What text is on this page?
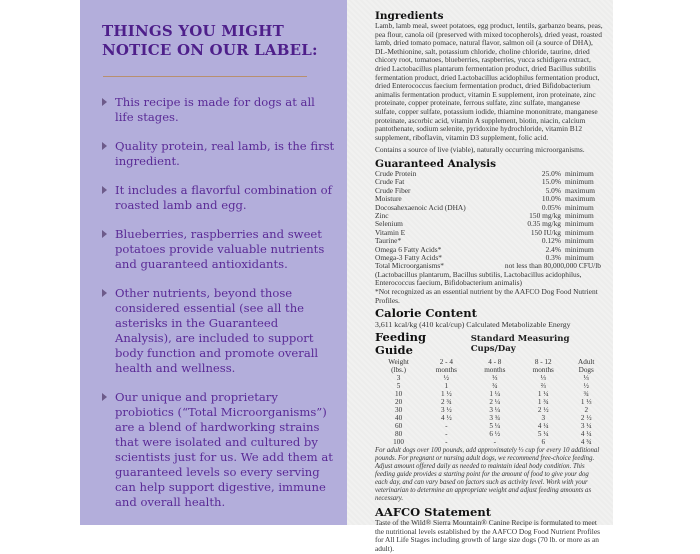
THINGS YOU MIGHT
NOTICE ON OUR LABEL:
This recipe is made for dogs at all life stages.
Quality protein, real lamb, is the first ingredient.
It includes a flavorful combination of roasted lamb and egg.
Blueberries, raspberries and sweet potatoes provide valuable nutrients and guaranteed antioxidants.
Other nutrients, beyond those considered essential (see all the asterisks in the Guaranteed Analysis), are included to support body function and promote overall health and wellness.
Our unique and proprietary probiotics (“Total Microorganisms”) are a blend of hardworking strains that were isolated and cultured by scientists just for us. We add them at guaranteed levels so every serving can help support digestive, immune and overall health.
Ingredients

Lamb, lamb meal, sweet potatoes, egg product, lentils, garbanzo beans, peas, pea flour, canola oil (preserved with mixed tocopherols), dried yeast, roasted lamb, dried tomato pomace, natural flavor, salmon oil (a source of DHA), DL-Methionine, salt, potassium chloride, choline chloride, taurine, dried chicory root, tomatoes, blueberries, raspberries, yucca schidigera extract, dried Lactobacillus plantarum fermentation product, dried Bacillus subtilis fermentation product, dried Lactobacillus acidophilus fermentation product, dried Enterococcus faecium fermentation product, dried Bifidobacterium animalis fermentation product, vitamin E supplement, iron proteinate, zinc proteinate, copper proteinate, ferrous sulfate, zinc sulfate, manganese sulfate, copper sulfate, potassium iodide, thiamine mononitrate, manganese proteinate, ascorbic acid, vitamin A supplement, biotin, niacin, calcium pantothenate, sodium selenite, pyridoxine hydrochloride, vitamin B12 supplement, riboflavin, vitamin D3 supplement, folic acid.

Contains a source of live (viable), naturally occurring microorganisms.

Guaranteed Analysis
Crude Protein	25.0%	minimum
Crude Fat	15.0%	minimum
Crude Fiber	5.0%	maximum
Moisture	10.0%	maximum
Docosahexaenoic Acid (DHA)	0.05%	minimum
Zinc	150 mg/kg	minimum
Selenium	0.35 mg/kg	minimum
Vitamin E	150 IU/kg	minimum
Taurine*	0.12%	minimum
Omega 6 Fatty Acids*	2.4%	minimum
Omega-3 Fatty Acids*	0.3%	minimum
Total Microorganisms*	not less than 80,000,000 CFU/lb	

(Lactobacillus plantarum, Bacillus subtilis, Lactobacillus acidophilus, Enterococcus faecium, Bifidobacterium animalis)

*Not recognized as an essential nutrient by the AAFCO Dog Food Nutrient Profiles.

Calorie Content

3,611 kcal/kg (410 kcal/cup) Calculated Metabolizable Energy

Feeding Guide
Standard Measuring Cups/Day
Weight	2 - 4	4 - 8	8 - 12	Adult
(lbs.)	months	months	months	Dogs
3	½	⅓	⅓	⅓
5	1	¾	⅔	½
10	1 ½	1 ¼	1 ¼	¾
20	2 ¾	2 ¼	1 ¾	1 ⅓
30	3 ½	3 ¼	2 ½	2
40	4 ½	3 ¾	3	2 ½
60	-	5 ¼	4 ¼	3 ¼
80	-	6 ½	5 ¼	4 ¼
100	-	-	6	4 ¾

For adult dogs over 100 pounds, add approximately ⅓ cup for every 10 additional pounds. For pregnant or nursing adult dogs, we recommend free-choice feeding. Adjust amount offered daily as needed to maintain ideal body condition. This feeding guide provides a starting point for the amount of food to give your dog each day, and can vary based on factors such as activity level. Work with your veterinarian to determine an appropriate weight and adjust feeding amounts as necessary.

AAFCO Statement

Taste of the Wild® Sierra Mountain® Canine Recipe is formulated to meet the nutritional levels established by the AAFCO Dog Food Nutrient Profiles for All Life Stages including growth of large size dogs (70 lb. or more as an adult).
